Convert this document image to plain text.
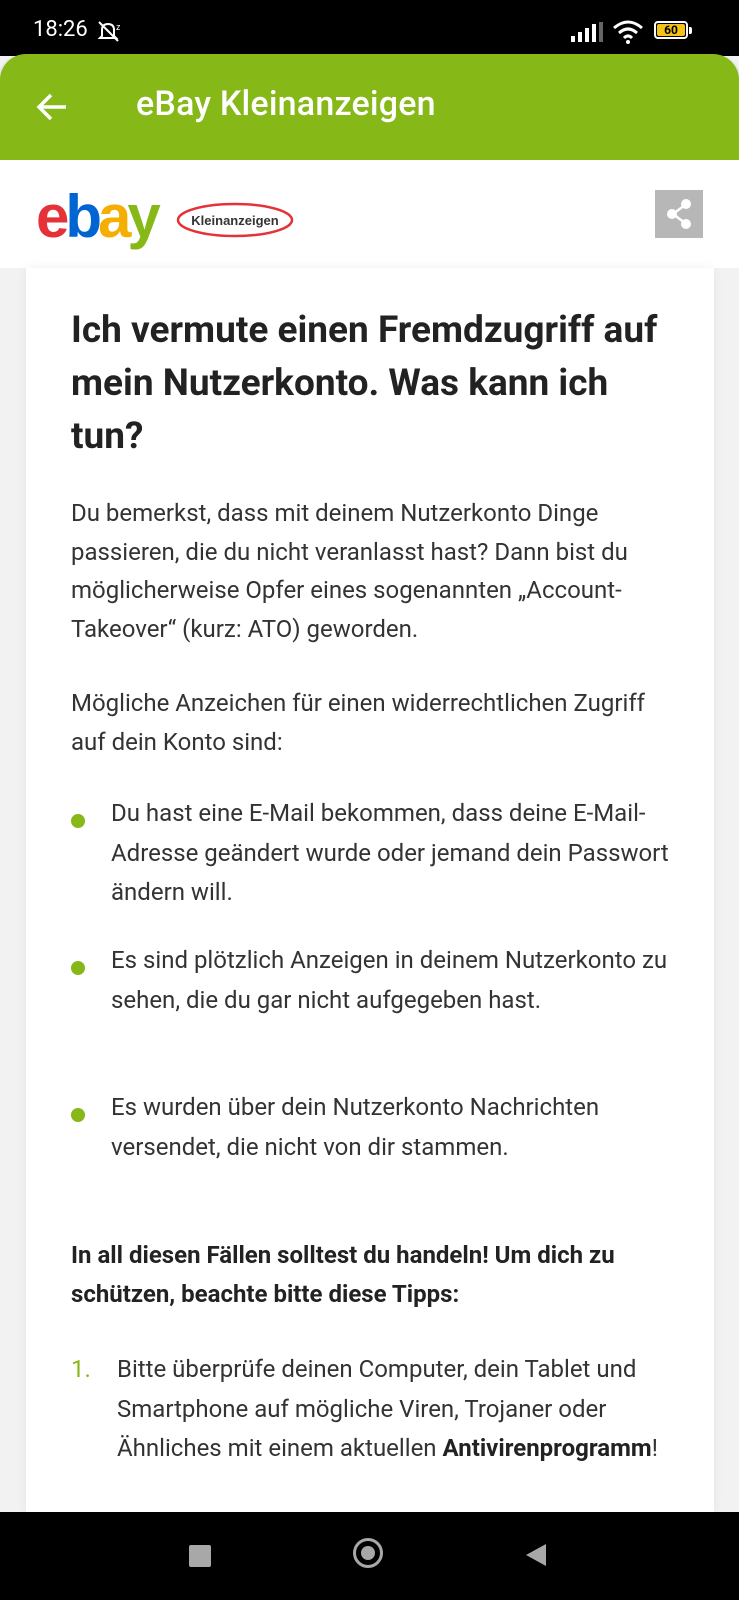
18:26	z	60
eBay Kleinanzeigen
ebay	Kleinanzeigen
Ich vermute einen Fremdzugriff auf mein Nutzerkonto. Was kann ich tun?

Du bemerkst, dass mit deinem Nutzerkonto Dinge passieren, die du nicht veranlasst hast? Dann bist du möglicherweise Opfer eines sogenannten „Account-Takeover“ (kurz: ATO) geworden.

Mögliche Anzeichen für einen widerrechtlichen Zugriff auf dein Konto sind:

Du hast eine E-Mail bekommen, dass deine E-Mail-Adresse geändert wurde oder jemand dein Passwort ändern will.
Es sind plötzlich Anzeigen in deinem Nutzerkonto zu sehen, die du gar nicht aufgegeben hast.
Es wurden über dein Nutzerkonto Nachrichten versendet, die nicht von dir stammen.

In all diesen Fällen solltest du handeln! Um dich zu schützen, beachte bitte diese Tipps:

1. Bitte überprüfe deinen Computer, dein Tablet und Smartphone auf mögliche Viren, Trojaner oder Ähnliches mit einem aktuellen Antivirenprogramm!
